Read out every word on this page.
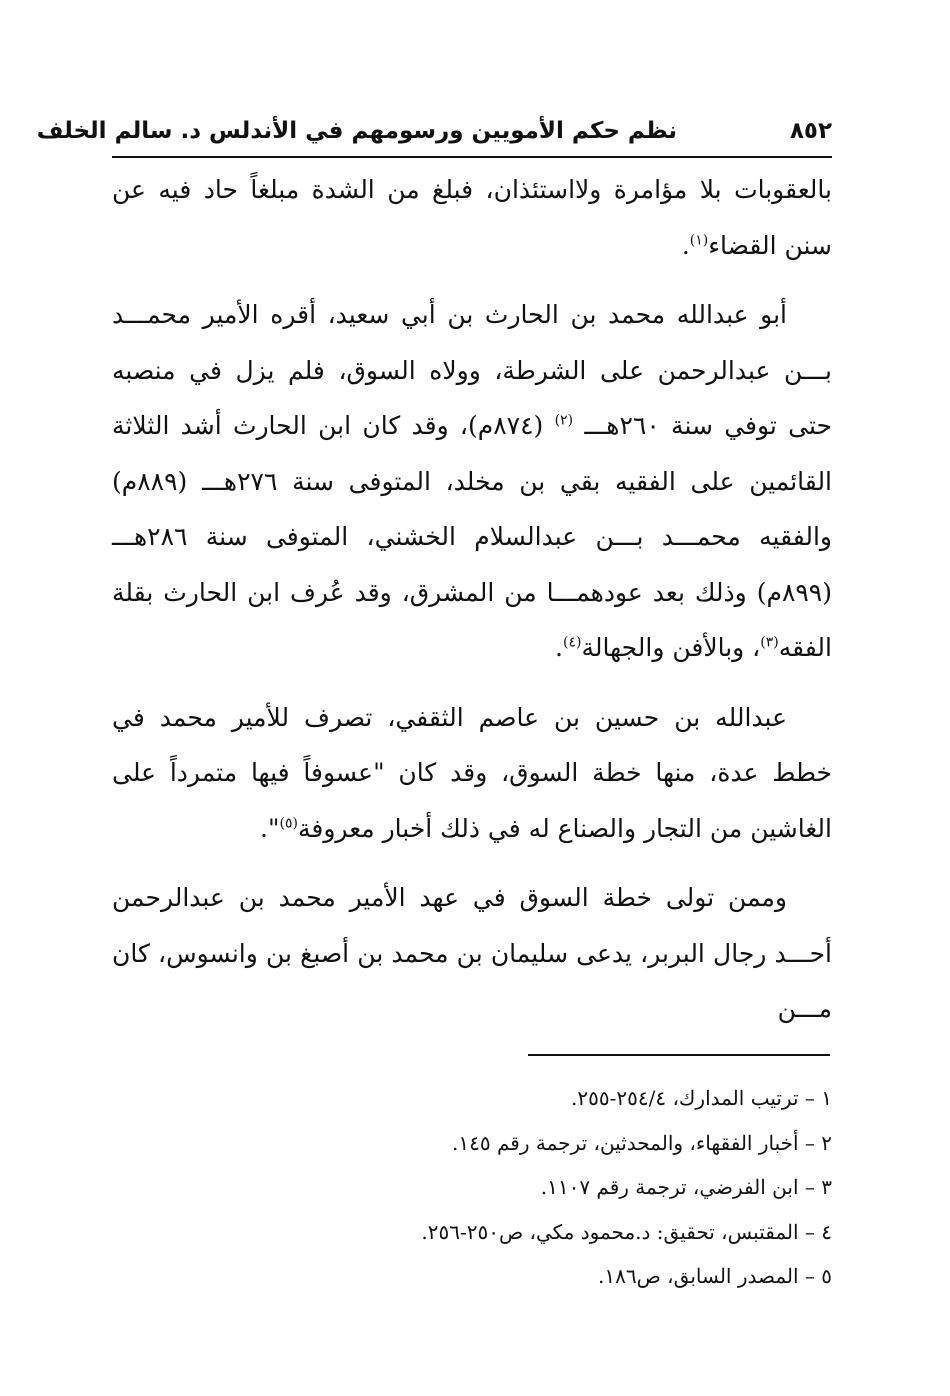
٨٥٢
نظم حكم الأمويين ورسومهم في الأندلس د. سالم الخلف

بالعقوبات بلا مؤامرة ولااستئذان، فبلغ من الشدة مبلغاً حاد فيه عن سنن القضاء$^{(١)}$.

أبو عبدالله محمد بن الحارث بن أبي سعيد، أقره الأمير محمـــد بـــن عبدالرحمن على الشرطة، وولاه السوق، فلم يزل في منصبه حتى توفي سنة ٢٦٠هـــ $^{(٢)}$ (٨٧٤م)، وقد كان ابن الحارث أشد الثلاثة القائمين على الفقيه بقي بن مخلد، المتوفى سنة ٢٧٦هـــ (٨٨٩م) والفقيه محمـــد بـــن عبدالسلام الخشني، المتوفى سنة ٢٨٦هـــ (٨٩٩م) وذلك بعد عودهمـــا من المشرق، وقد عُرف ابن الحارث بقلة الفقه$^{(٣)}$، وبالأفن والجهالة$^{(٤)}$.

عبدالله بن حسين بن عاصم الثقفي، تصرف للأمير محمد في خطط عدة، منها خطة السوق، وقد كان "عسوفاً فيها متمرداً على الغاشين من التجار والصناع له في ذلك أخبار معروفة$^{(٥)}$".

وممن تولى خطة السوق في عهد الأمير محمد بن عبدالرحمن أحـــد رجال البربر، يدعى سليمان بن محمد بن أصبغ بن وانسوس، كان مـــن

١ – ترتيب المدارك، ٢٥٤/٤-٢٥٥.
٢ – أخبار الفقهاء، والمحدثين، ترجمة رقم ١٤٥.
٣ – ابن الفرضي، ترجمة رقم ١١٠٧.
٤ – المقتبس، تحقيق: د.محمود مكي، ص٢٥٠-٢٥٦.
٥ – المصدر السابق، ص١٨٦.
